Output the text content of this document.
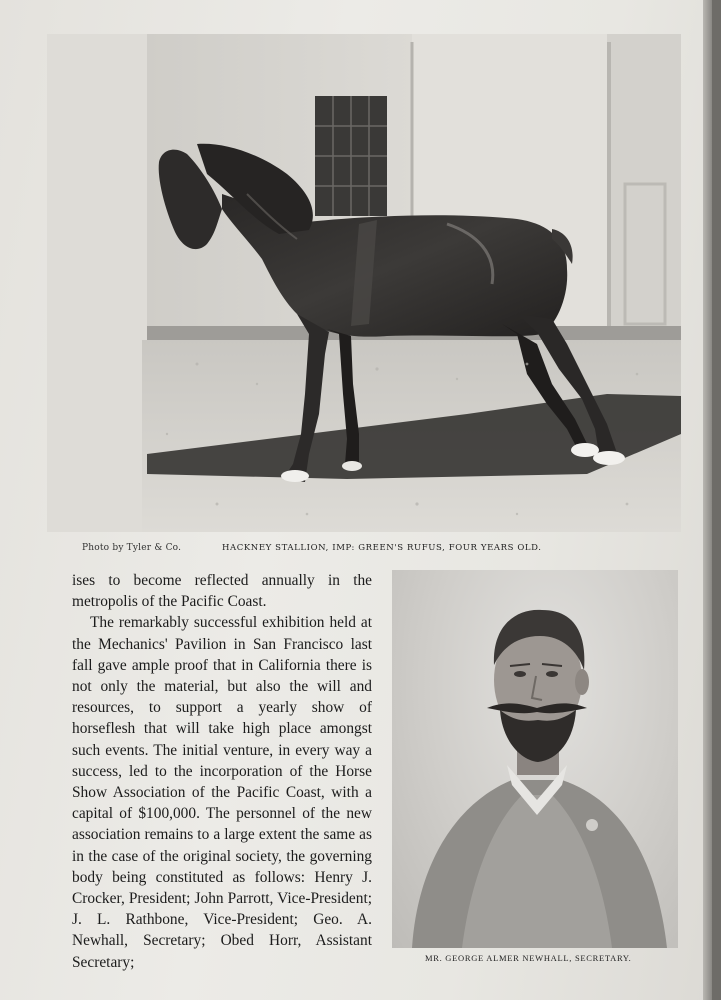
Photo by Tyler & Co.	HACKNEY STALLION, IMP: GREEN'S RUFUS, FOUR YEARS OLD.

ises to become reflected annually in the metropolis of the Pacific Coast.

The remarkably successful exhibition held at the Mechanics' Pavilion in San Francisco last fall gave ample proof that in California there is not only the material, but also the will and resources, to support a yearly show of horseflesh that will take high place amongst such events. The initial venture, in every way a success, led to the incorporation of the Horse Show Association of the Pacific Coast, with a capital of $100,000. The personnel of the new association remains to a large extent the same as in the case of the original society, the governing body being constituted as follows: Henry J. Crocker, President; John Parrott, Vice-President; J. L. Rathbone, Vice-President; Geo. A. Newhall, Secretary; Obed Horr, Assistant Secretary;	MR. GEORGE ALMER NEWHALL, SECRETARY.
